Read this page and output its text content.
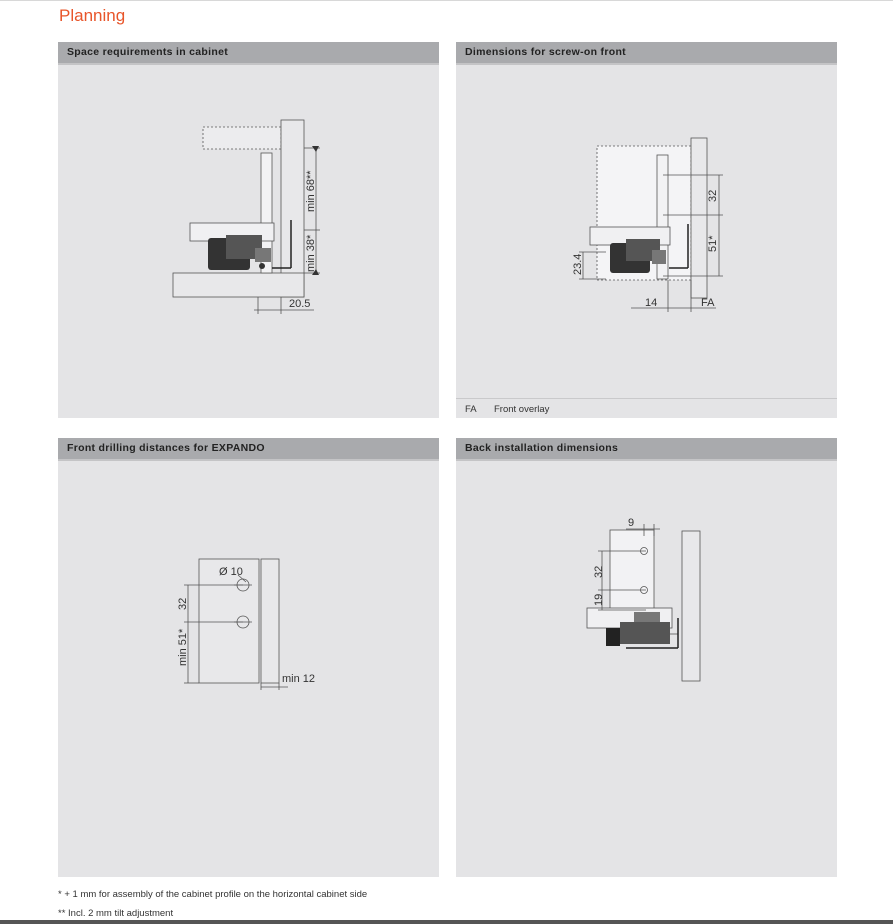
Planning
Space requirements in cabinet
min 68**
min 38*
20.5
Dimensions for screw-on front
32
51*
23.4
14	FA
FA Front overlay
Front drilling distances for EXPANDO
Ø 10
32
min 51*
min 12
Back installation dimensions
9
32
19
* + 1 mm for assembly of the cabinet profile on the horizontal cabinet side
** Incl. 2 mm tilt adjustment
